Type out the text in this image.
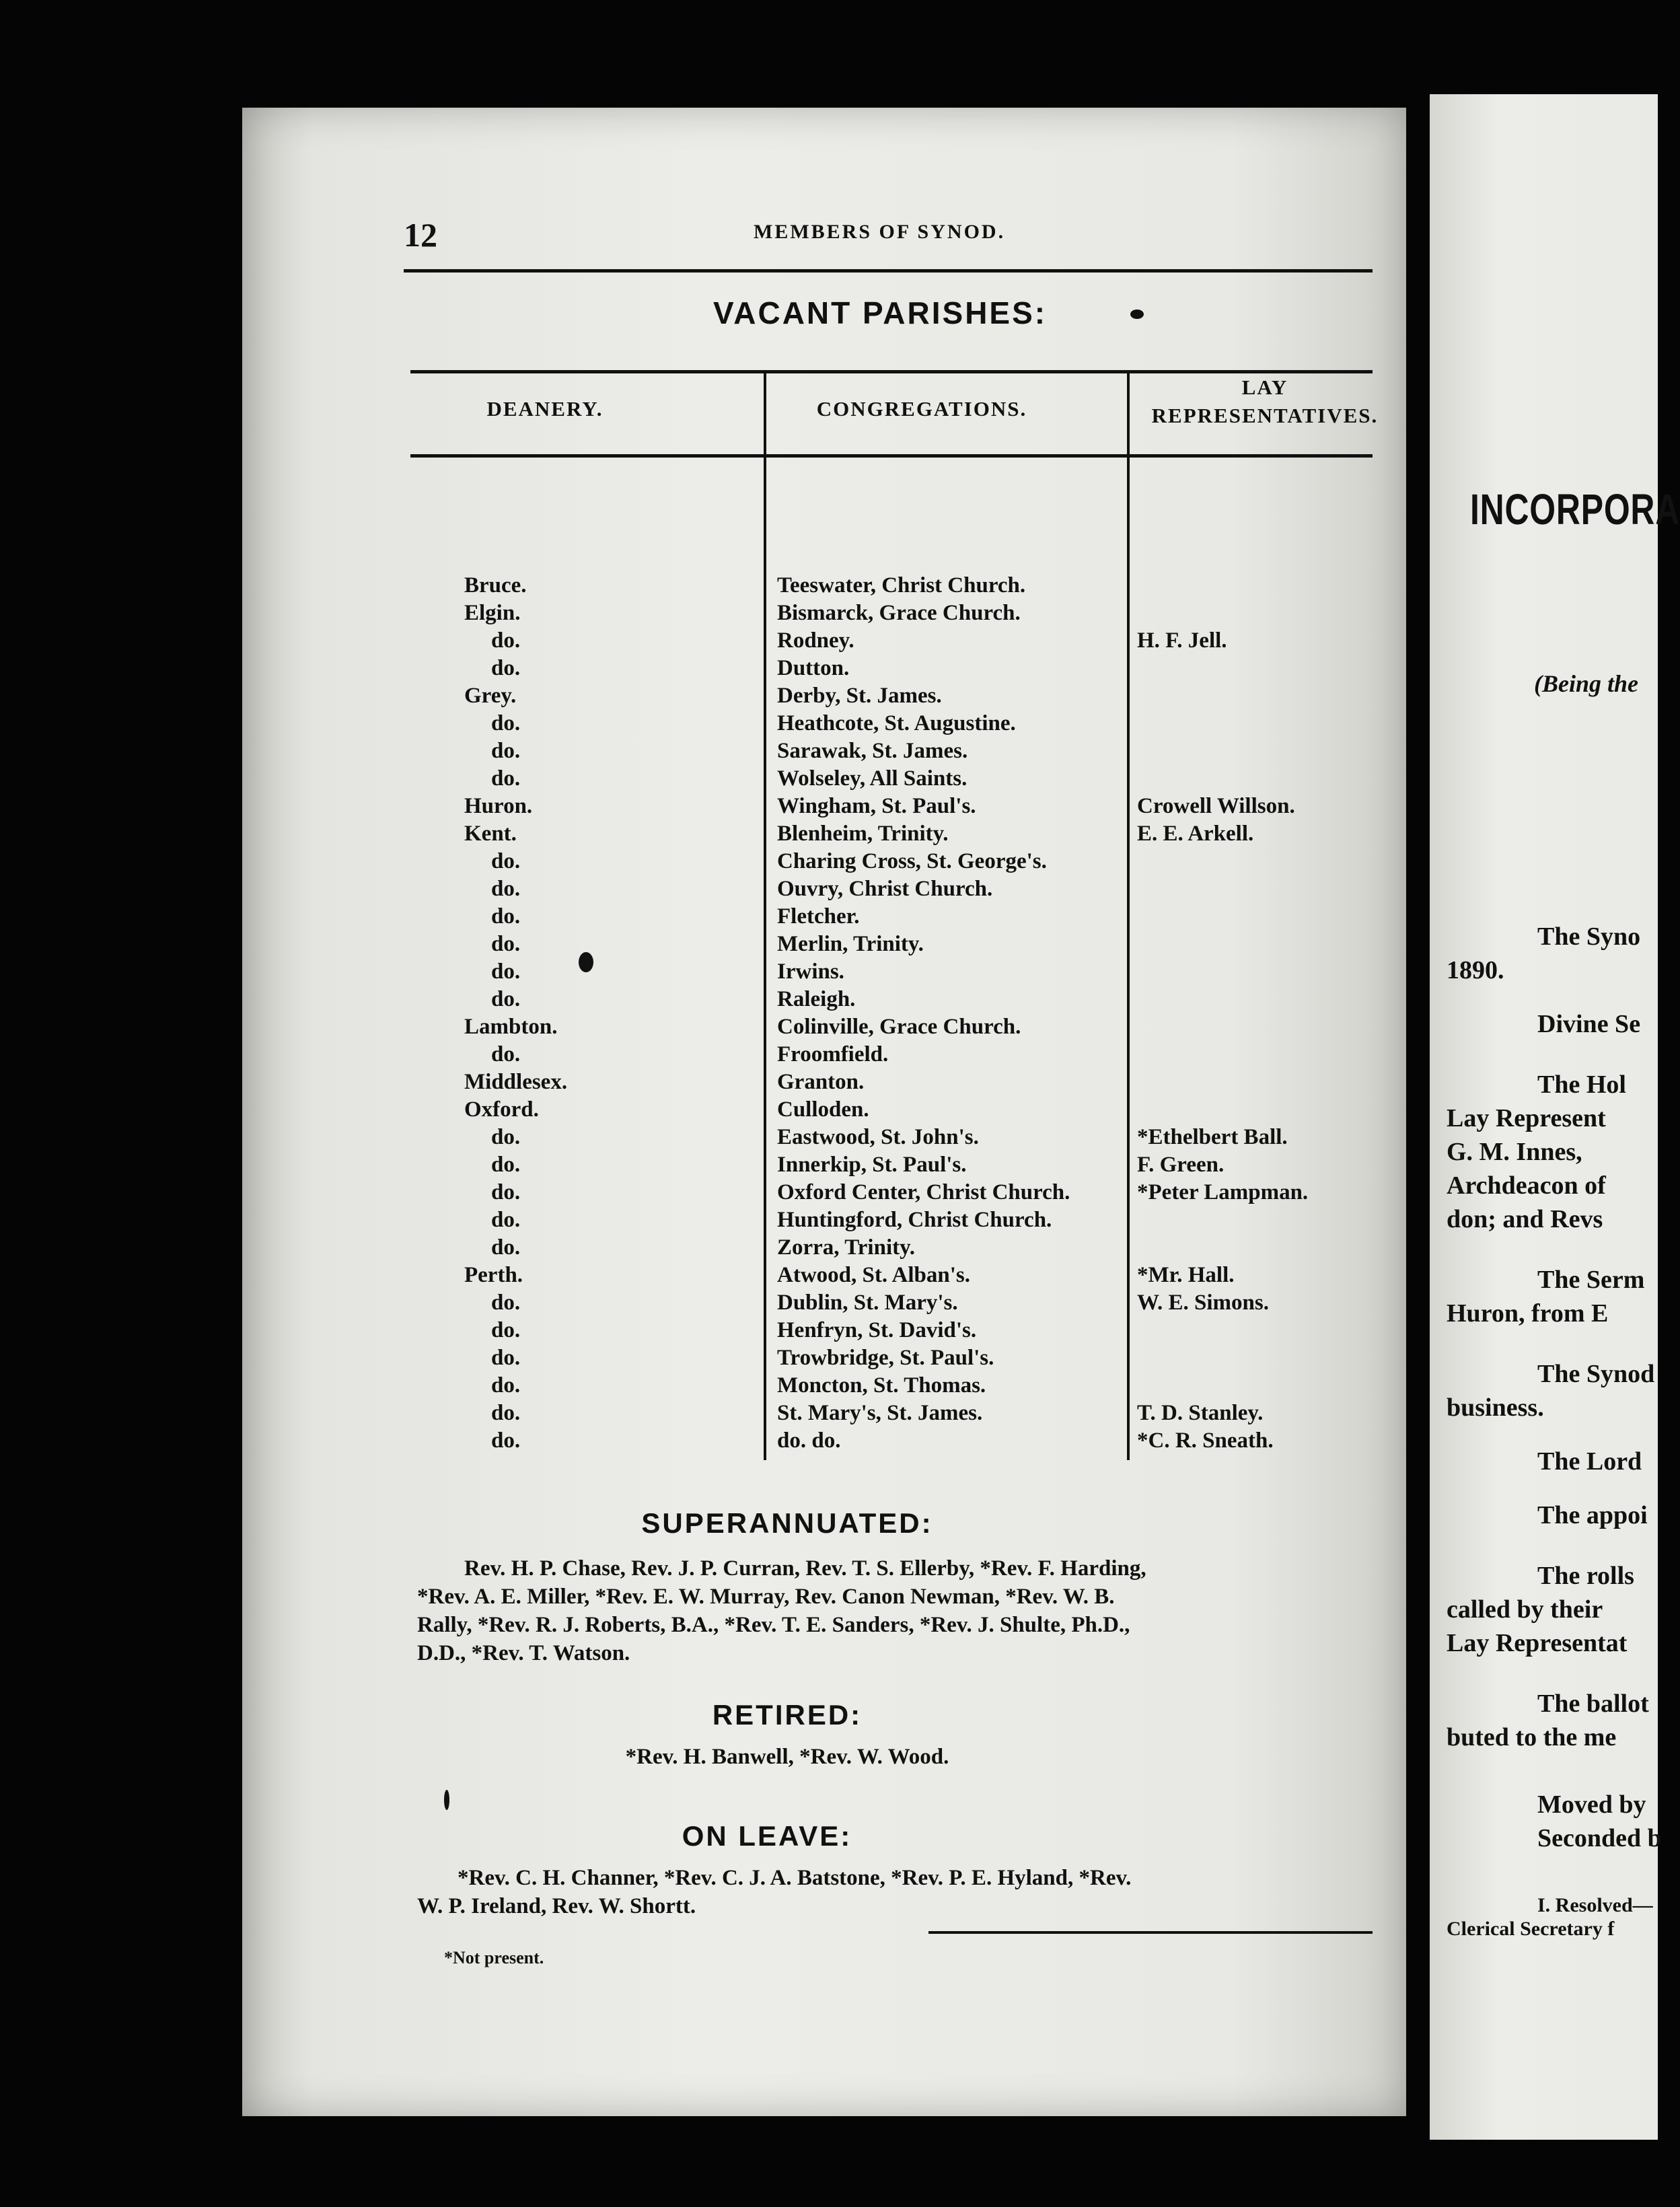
12	MEMBERS OF SYNOD.
VACANT PARISHES:
DEANERY.	CONGREGATIONS.
LAY
REPRESENTATIVES.
Bruce.
Elgin.
do.
do.
Grey.
do.
do.
do.
Huron.
Kent.
do.
do.
do.
do.
do.
do.
Lambton.
do.
Middlesex.
Oxford.
do.
do.
do.
do.
do.
Perth.
do.
do.
do.
do.
do.
do.
Teeswater, Christ Church.
Bismarck, Grace Church.
Rodney.
Dutton.
Derby, St. James.
Heathcote, St. Augustine.
Sarawak, St. James.
Wolseley, All Saints.
Wingham, St. Paul's.
Blenheim, Trinity.
Charing Cross, St. George's.
Ouvry, Christ Church.
Fletcher.
Merlin, Trinity.
Irwins.
Raleigh.
Colinville, Grace Church.
Froomfield.
Granton.
Culloden.
Eastwood, St. John's.
Innerkip, St. Paul's.
Oxford Center, Christ Church.
Huntingford, Christ Church.
Zorra, Trinity.
Atwood, St. Alban's.
Dublin, St. Mary's.
Henfryn, St. David's.
Trowbridge, St. Paul's.
Moncton, St. Thomas.
St. Mary's, St. James.
do. do.
H. F. Jell.
Crowell Willson.
E. E. Arkell.
*Ethelbert Ball.
F. Green.
*Peter Lampman.
*Mr. Hall.
W. E. Simons.
T. D. Stanley.
*C. R. Sneath.
SUPERANNUATED:
Rev. H. P. Chase, Rev. J. P. Curran, Rev. T. S. Ellerby, *Rev. F. Harding,
*Rev. A. E. Miller, *Rev. E. W. Murray, Rev. Canon Newman, *Rev. W. B.
Rally, *Rev. R. J. Roberts, B.A., *Rev. T. E. Sanders, *Rev. J. Shulte, Ph.D.,
D.D., *Rev. T. Watson.
RETIRED:
*Rev. H. Banwell, *Rev. W. Wood.
ON LEAVE:
*Rev. C. H. Channer, *Rev. C. J. A. Batstone, *Rev. P. E. Hyland, *Rev.
W. P. Ireland, Rev. W. Shortt.
*Not present.
INCORPORA
(Being the
The Syno
1890.
Divine Se
The Hol
Lay Represent
G. M. Innes,
Archdeacon of
don; and Revs
The Serm
Huron, from E
The Synod
business.
The Lord
The appoi
The rolls
called by their
Lay Representat
The ballot
buted to the me
Moved by
Seconded b
I. Resolved—
Clerical Secretary f
